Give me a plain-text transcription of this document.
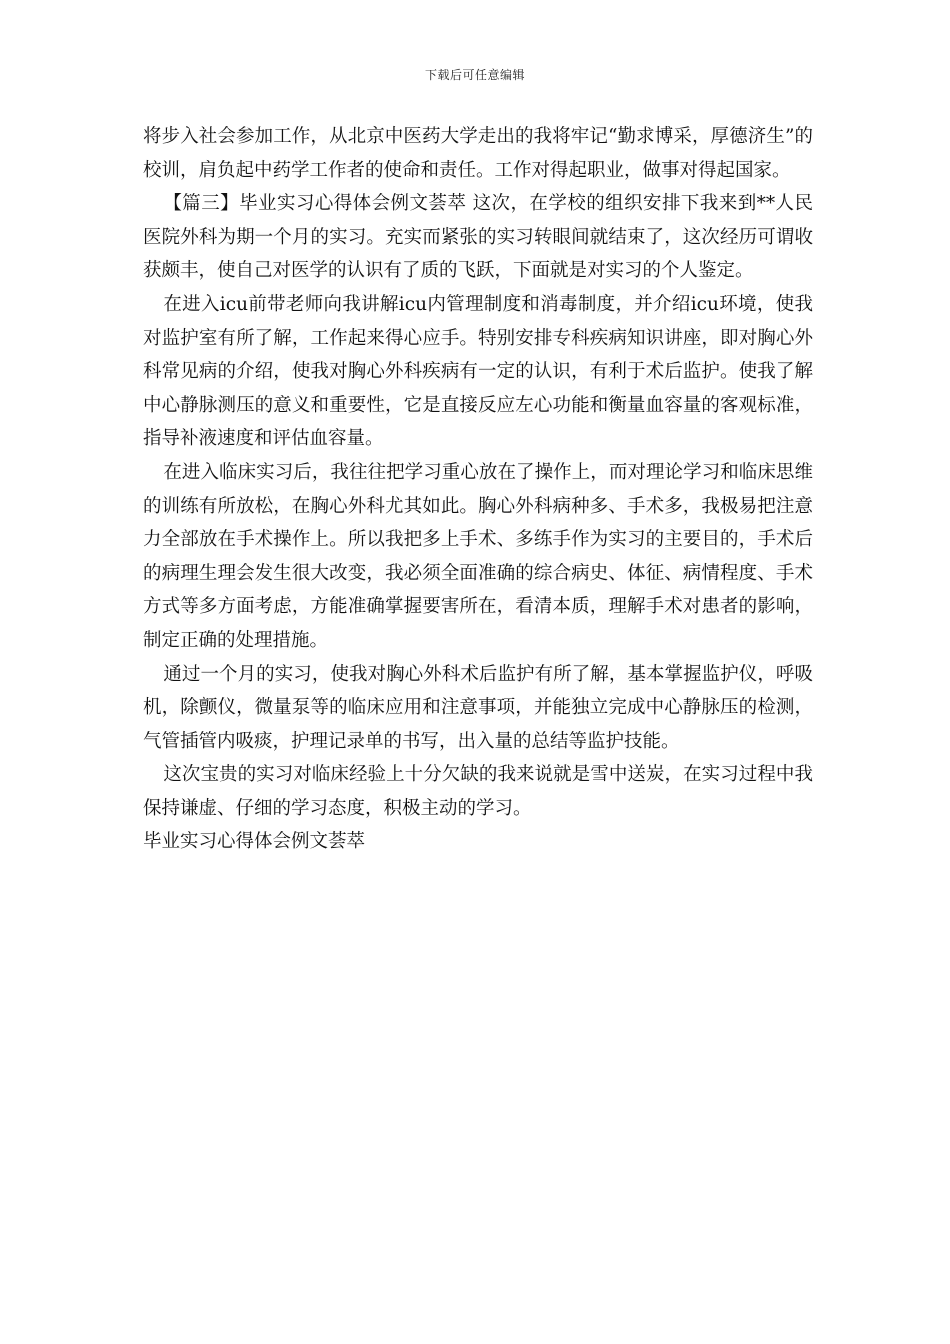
下载后可任意编辑

将步入社会参加工作，从北京中医药大学走出的我将牢记“勤求博采，厚德济生”的校训，肩负起中药学工作者的使命和责任。工作对得起职业，做事对得起国家。

【篇三】毕业实习心得体会例文荟萃 这次，在学校的组织安排下我来到**人民医院外科为期一个月的实习。充实而紧张的实习转眼间就结束了，这次经历可谓收获颇丰，使自己对医学的认识有了质的飞跃，下面就是对实习的个人鉴定。

在进入icu前带老师向我讲解icu内管理制度和消毒制度，并介绍icu环境，使我对监护室有所了解，工作起来得心应手。特别安排专科疾病知识讲座，即对胸心外科常见病的介绍，使我对胸心外科疾病有一定的认识，有利于术后监护。使我了解中心静脉测压的意义和重要性，它是直接反应左心功能和衡量血容量的客观标准，指导补液速度和评估血容量。

在进入临床实习后，我往往把学习重心放在了操作上，而对理论学习和临床思维的训练有所放松，在胸心外科尤其如此。胸心外科病种多、手术多，我极易把注意力全部放在手术操作上。所以我把多上手术、多练手作为实习的主要目的，手术后的病理生理会发生很大改变，我必须全面准确的综合病史、体征、病情程度、手术方式等多方面考虑，方能准确掌握要害所在，看清本质，理解手术对患者的影响，制定正确的处理措施。

通过一个月的实习，使我对胸心外科术后监护有所了解，基本掌握监护仪，呼吸机，除颤仪，微量泵等的临床应用和注意事项，并能独立完成中心静脉压的检测，气管插管内吸痰，护理记录单的书写，出入量的总结等监护技能。

这次宝贵的实习对临床经验上十分欠缺的我来说就是雪中送炭，在实习过程中我保持谦虚、仔细的学习态度，积极主动的学习。

毕业实习心得体会例文荟萃
